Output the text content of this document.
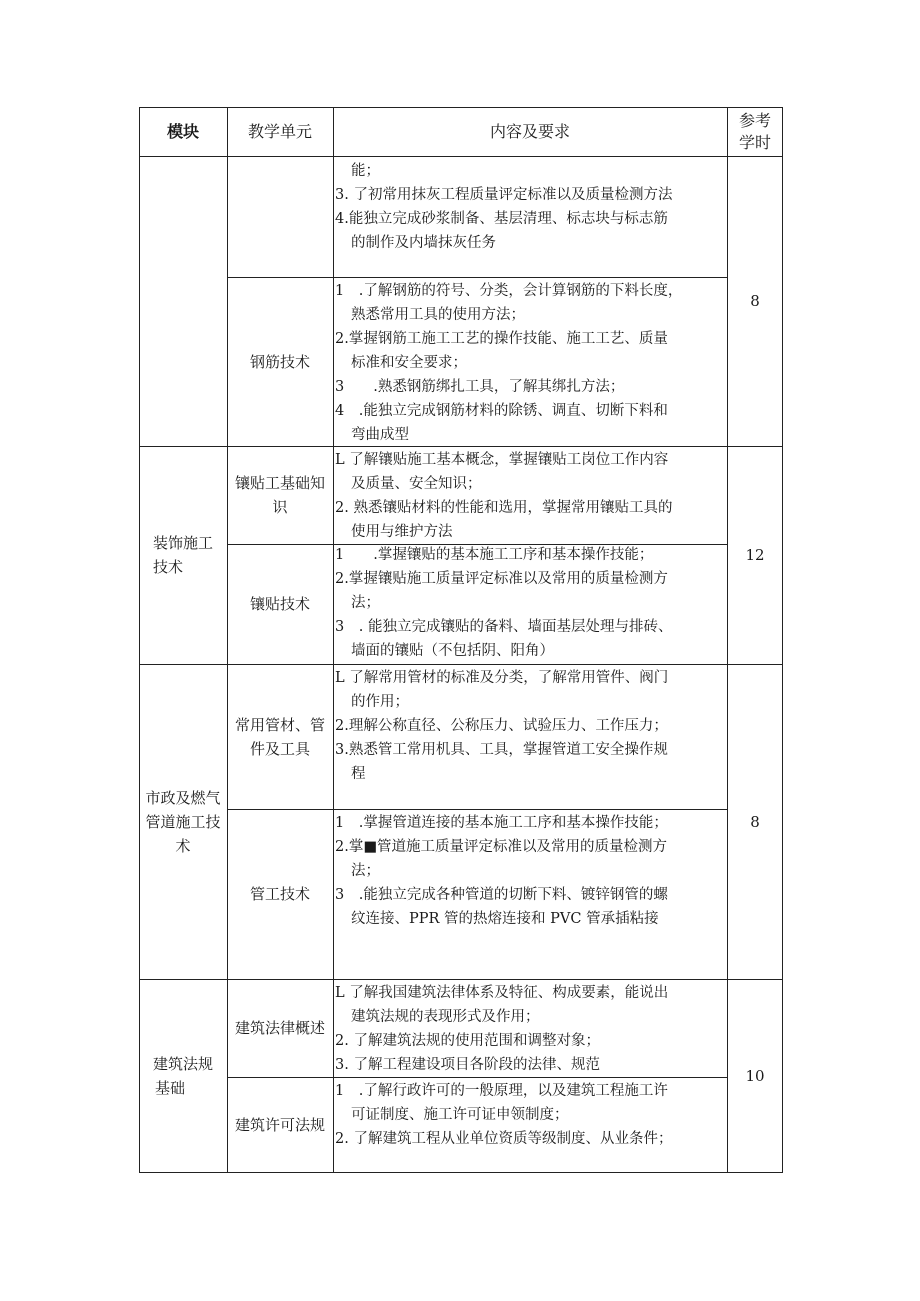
模块	教学单元	内容及要求
参考
学时
能；
3. 了初常用抹灰工程质量评定标准以及质量检测方法
4.能独立完成砂浆制备、基层清理、标志块与标志筋
的制作及内墙抹灰任务
钢筋技术
1　.了解钢筋的符号、分类，会计算钢筋的下料长度，
熟悉常用工具的使用方法；
2.掌握钢筋工施工工艺的操作技能、施工工艺、质量
标准和安全要求；
3　　.熟悉钢筋绑扎工具，了解其绑扎方法；
4　.能独立完成钢筋材料的除锈、调直、切断下料和
弯曲成型
8
装饰施工
技术
镶贴工基础知
识
L 了解镶贴施工基本概念，掌握镶贴工岗位工作内容
及质量、安全知识；
2. 熟悉镶贴材料的性能和选用，掌握常用镶贴工具的
使用与维护方法
镶贴技术
1　　.掌握镶贴的基本施工工序和基本操作技能；
2.掌握镶贴施工质量评定标准以及常用的质量检测方
法；
3　. 能独立完成镶贴的备料、墙面基层处理与排砖、
墙面的镶贴（不包括阴、阳角）
12
市政及燃气
管道施工技
术
常用管材、管
件及工具
L 了解常用管材的标准及分类，了解常用管件、阀门
的作用；
2.理解公称直径、公称压力、试验压力、工作压力；
3.熟悉管工常用机具、工具，掌握管道工安全操作规
程
管工技术
1　.掌握管道连接的基本施工工序和基本操作技能；
2.掌■管道施工质量评定标准以及常用的质量检测方
法；
3　.能独立完成各种管道的切断下料、镀锌钢管的螺
纹连接、PPR 管的热熔连接和 PVC 管承插粘接
8
建筑法规
基础
建筑法律概述
L 了解我国建筑法律体系及特征、构成要素，能说出
建筑法规的表现形式及作用；
2. 了解建筑法规的使用范围和调整对象；
3. 了解工程建设项目各阶段的法律、规范
建筑许可法规
1　.了解行政许可的一般原理，以及建筑工程施工许
可证制度、施工许可证申领制度；
2. 了解建筑工程从业单位资质等级制度、从业条件；
10
